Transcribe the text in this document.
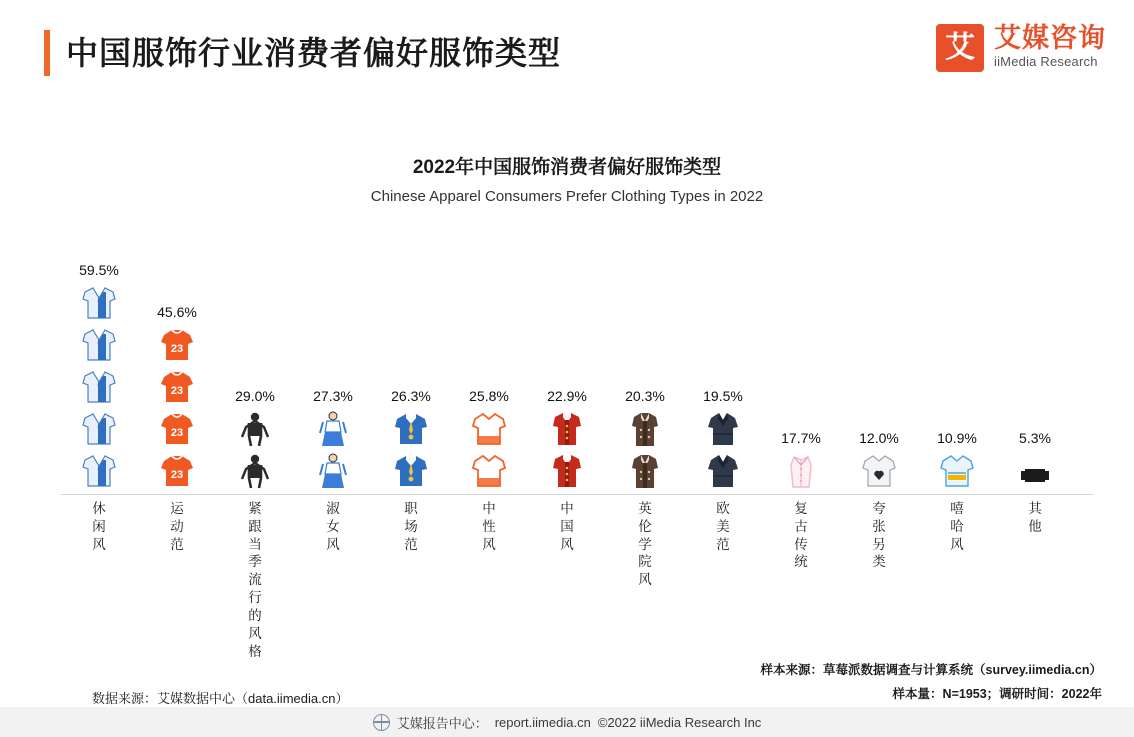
中国服饰行业消费者偏好服饰类型	艾 艾媒咨询
iiMedia Research
2022年中国服饰消费者偏好服饰类型
Chinese Apparel Consumers Prefer Clothing Types in 2022
59.5%
45.6%
23
23
23
23
29.0%	27.3%	26.3%	25.8%	22.9%	20.3%	19.5%
17.7%	12.0%	10.9%	5.3%
休闲风
运动范
紧跟当季流行的风格
淑女风
职场范
中性风
中国风
英伦学院风
欧美范
复古传统
夸张另类
嘻哈风
其他
数据来源：艾媒数据中心（data.iimedia.cn）
样本来源：草莓派数据调查与计算系统（survey.iimedia.cn）
样本量：N=1953；调研时间：2022年
艾媒报告中心： report.iimedia.cn ©2022 iiMedia Research Inc
